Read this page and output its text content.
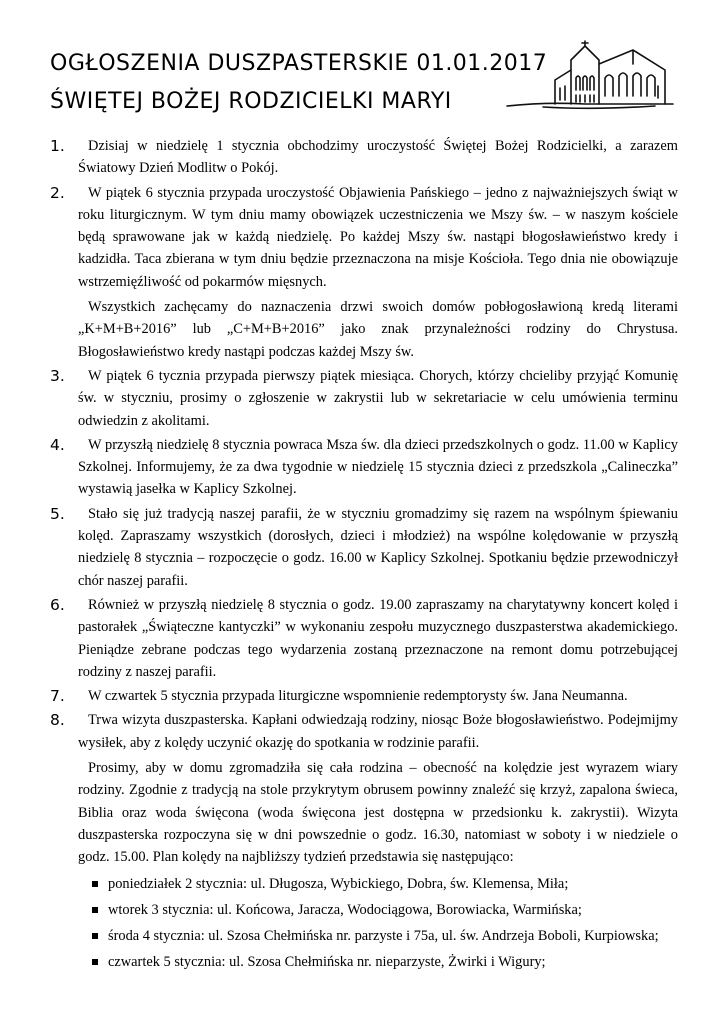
OGŁOSZENIA DUSZPASTERSKIE 01.01.2017
ŚWIĘTEJ BOŻEJ RODZICIELKI MARYI
1.	Dzisiaj w niedzielę 1 stycznia obchodzimy uroczystość Świętej Bożej Rodzicielki, a zarazem Światowy Dzień Modlitw o Pokój.
2.	W piątek 6 stycznia przypada uroczystość Objawienia Pańskiego – jedno z najważniejszych świąt w roku liturgicznym. W tym dniu mamy obowiązek uczestniczenia we Mszy św. – w naszym kościele będą sprawowane jak w każdą niedzielę. Po każdej Mszy św. nastąpi błogosławieństwo kredy i kadzidła. Taca zbierana w tym dniu będzie przeznaczona na misje Kościoła. Tego dnia nie obowiązuje wstrzemięźliwość od pokarmów mięsnych.
Wszystkich zachęcamy do naznaczenia drzwi swoich domów pobłogosławioną kredą literami „K+M+B+2016” lub „C+M+B+2016” jako znak przynależności rodziny do Chrystusa. Błogosławieństwo kredy nastąpi podczas każdej Mszy św.
3.	W piątek 6 tycznia przypada pierwszy piątek miesiąca. Chorych, którzy chcieliby przyjąć Komunię św. w styczniu, prosimy o zgłoszenie w zakrystii lub w sekretariacie w celu umówienia terminu odwiedzin z akolitami.
4.	W przyszłą niedzielę 8 stycznia powraca Msza św. dla dzieci przedszkolnych o godz. 11.00 w Kaplicy Szkolnej. Informujemy, że za dwa tygodnie w niedzielę 15 stycznia dzieci z przedszkola „Calineczka” wystawią jasełka w Kaplicy Szkolnej.
5.	Stało się już tradycją naszej parafii, że w styczniu gromadzimy się razem na wspólnym śpiewaniu kolęd. Zapraszamy wszystkich (dorosłych, dzieci i młodzież) na wspólne kolędowanie w przyszłą niedzielę 8 stycznia – rozpoczęcie o godz. 16.00 w Kaplicy Szkolnej. Spotkaniu będzie przewodniczył chór naszej parafii.
6.	Również w przyszłą niedzielę 8 stycznia o godz. 19.00 zapraszamy na charytatywny koncert kolęd i pastorałek „Świąteczne kantyczki” w wykonaniu zespołu muzycznego duszpasterstwa akademickiego. Pieniądze zebrane podczas tego wydarzenia zostaną przeznaczone na remont domu potrzebującej rodziny z naszej parafii.
7.	W czwartek 5 stycznia przypada liturgiczne wspomnienie redemptorysty św. Jana Neumanna.
8.	Trwa wizyta duszpasterska. Kapłani odwiedzają rodziny, niosąc Boże błogosławieństwo. Podejmijmy wysiłek, aby z kolędy uczynić okazję do spotkania w rodzinie parafii.
Prosimy, aby w domu zgromadziła się cała rodzina – obecność na kolędzie jest wyrazem wiary rodziny. Zgodnie z tradycją na stole przykrytym obrusem powinny znaleźć się krzyż, zapalona świeca, Biblia oraz woda święcona (woda święcona jest dostępna w przedsionku k. zakrystii). Wizyta duszpasterska rozpoczyna się w dni powszednie o godz. 16.30, natomiast w soboty i w niedziele o godz. 15.00. Plan kolędy na najbliższy tydzień przedstawia się następująco:
poniedziałek 2 stycznia: ul. Długosza, Wybickiego, Dobra, św. Klemensa, Miła;
wtorek 3 stycznia: ul. Końcowa, Jaracza, Wodociągowa, Borowiacka, Warmińska;
środa 4 stycznia: ul. Szosa Chełmińska nr. parzyste i 75a, ul. św. Andrzeja Boboli, Kurpiowska;
czwartek 5 stycznia: ul. Szosa Chełmińska nr. nieparzyste, Żwirki i Wigury;
